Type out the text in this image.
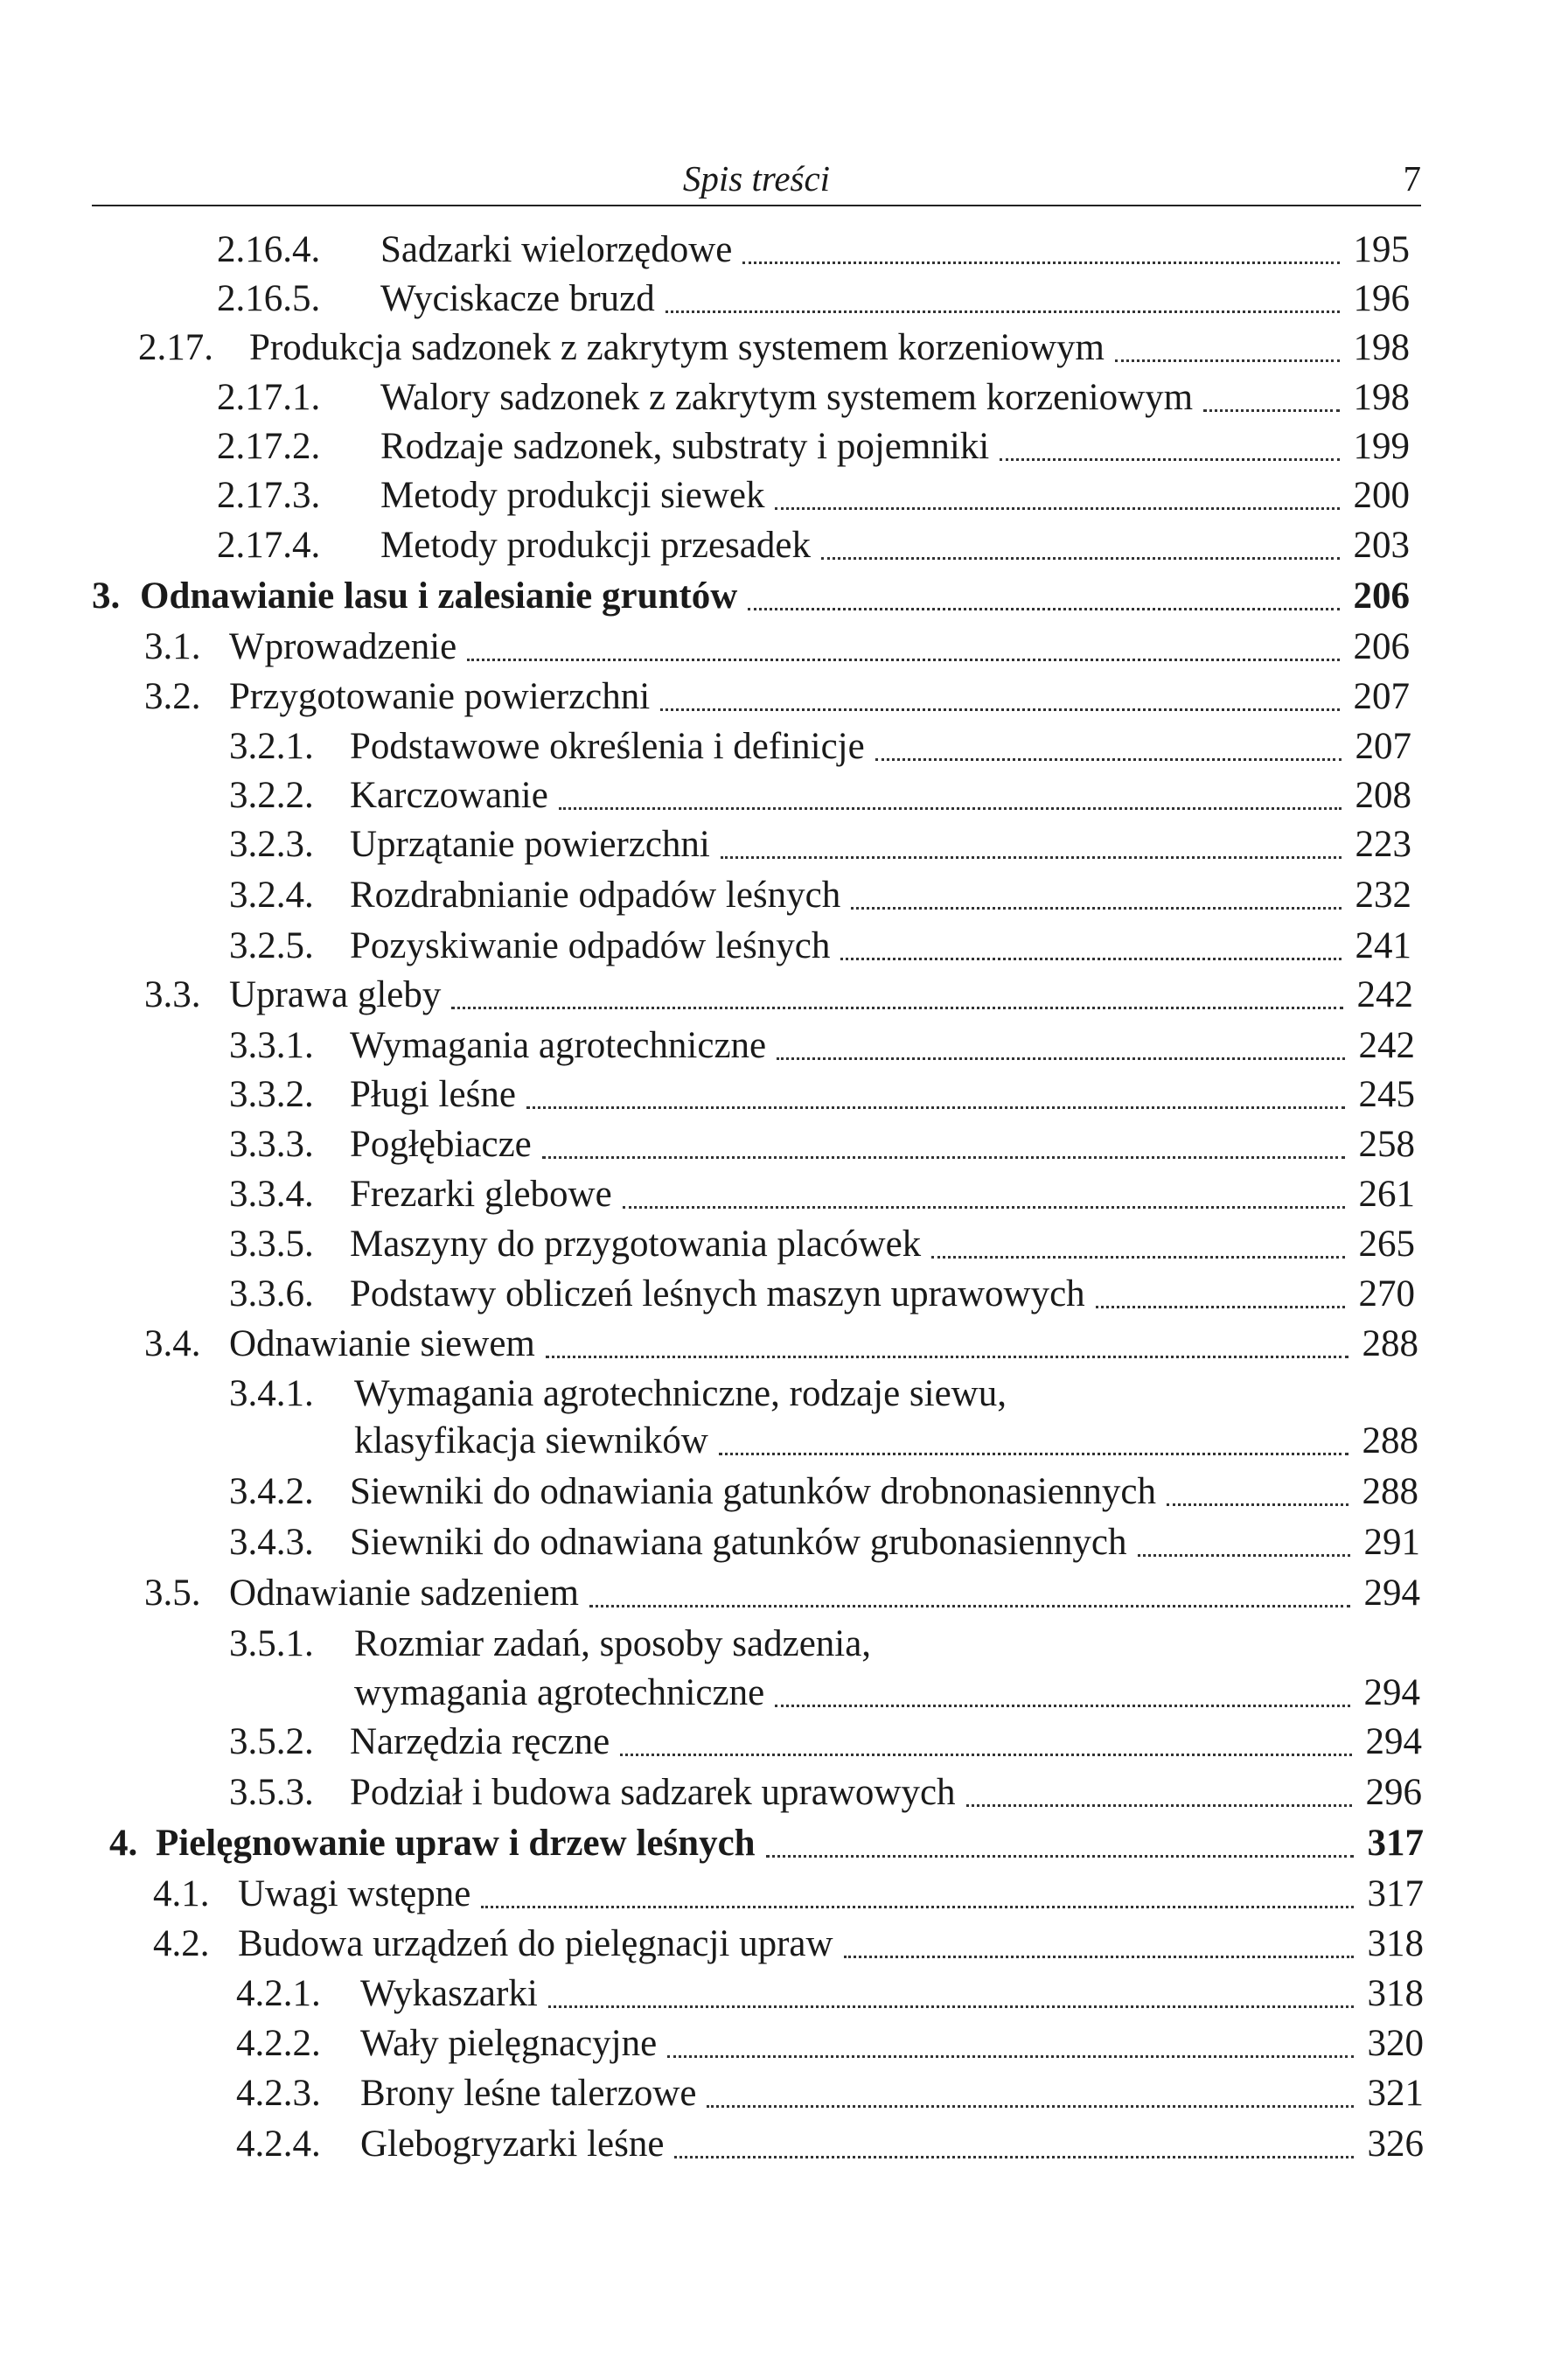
Spis treści	7
2.16.4.	Sadzarki wielorzędowe	195
2.16.5.	Wyciskacze bruzd	196
2.17. Produkcja sadzonek z zakrytym systemem korzeniowym	198
2.17.1.	Walory sadzonek z zakrytym systemem korzeniowym	198
2.17.2.	Rodzaje sadzonek, substraty i pojemniki	199
2.17.3.	Metody produkcji siewek	200
2.17.4.	Metody produkcji przesadek	203
3. Odnawianie lasu i zalesianie gruntów	206
3.1. Wprowadzenie	206
3.2. Przygotowanie powierzchni	207
3.2.1. Podstawowe określenia i definicje	207
3.2.2. Karczowanie	208
3.2.3. Uprzątanie powierzchni	223
3.2.4. Rozdrabnianie odpadów leśnych	232
3.2.5. Pozyskiwanie odpadów leśnych	241
3.3. Uprawa gleby	242
3.3.1. Wymagania agrotechniczne	242
3.3.2. Pługi leśne	245
3.3.3. Pogłębiacze	258
3.3.4. Frezarki glebowe	261
3.3.5. Maszyny do przygotowania placówek	265
3.3.6. Podstawy obliczeń leśnych maszyn uprawowych	270
3.4. Odnawianie siewem	288
3.4.1.	Wymagania agrotechniczne, rodzaje siewu,
klasyfikacja siewników	288
3.4.2. Siewniki do odnawiania gatunków drobnonasiennych	288
3.4.3. Siewniki do odnawiana gatunków grubonasiennych	291
3.5. Odnawianie sadzeniem	294
3.5.1.	Rozmiar zadań, sposoby sadzenia,
wymagania agrotechniczne	294
3.5.2. Narzędzia ręczne	294
3.5.3. Podział i budowa sadzarek uprawowych	296
4. Pielęgnowanie upraw i drzew leśnych	317
4.1. Uwagi wstępne	317
4.2. Budowa urządzeń do pielęgnacji upraw	318
4.2.1.	Wykaszarki	318
4.2.2.	Wały pielęgnacyjne	320
4.2.3.	Brony leśne talerzowe	321
4.2.4.	Glebogryzarki leśne	326
